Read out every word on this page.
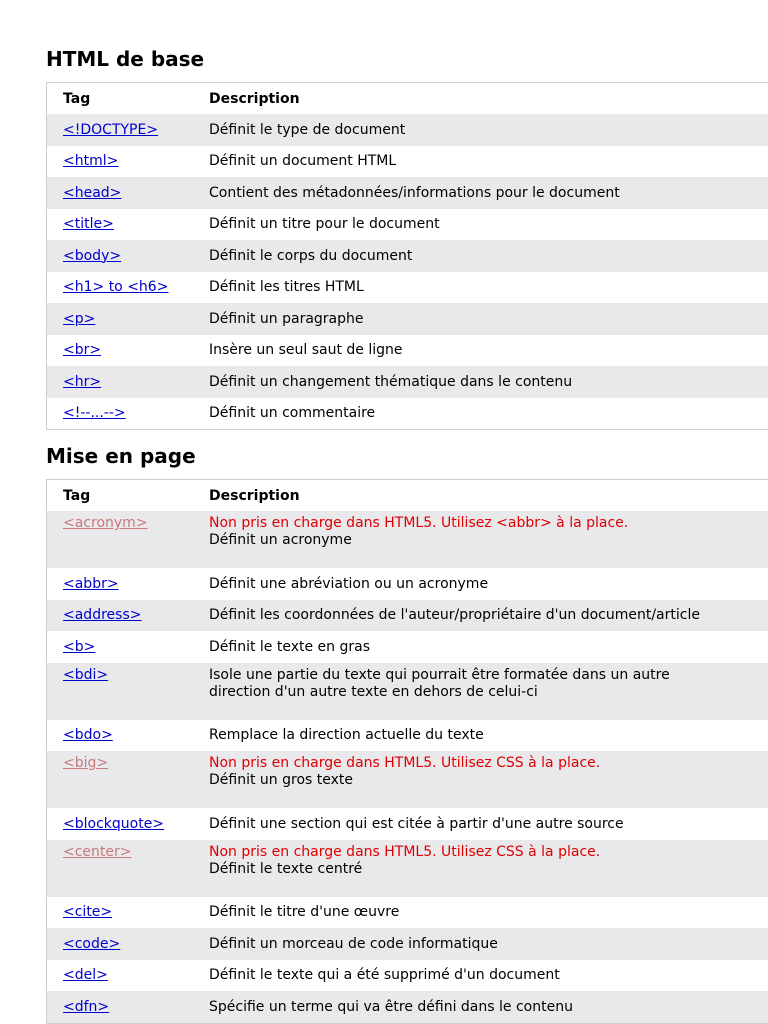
HTML de base
Tag	Description
<!DOCTYPE>	Définit le type de document
<html>	Définit un document HTML
<head>	Contient des métadonnées/informations pour le document
<title>	Définit un titre pour le document
<body>	Définit le corps du document
<h1> to <h6>	Définit les titres HTML
<p>	Définit un paragraphe
<br>	Insère un seul saut de ligne
<hr>	Définit un changement thématique dans le contenu
<!--...-->	Définit un commentaire
Mise en page
Tag	Description
<acronym>	Non pris en charge dans HTML5. Utilisez <abbr> à la place.
Définit un acronyme

<abbr>	Définit une abréviation ou un acronyme
<address>	Définit les coordonnées de l'auteur/propriétaire d'un document/article
<b>	Définit le texte en gras
<bdi>	Isole une partie du texte qui pourrait être formatée dans un autre
direction d'un autre texte en dehors de celui-ci

<bdo>	Remplace la direction actuelle du texte
<big>	Non pris en charge dans HTML5. Utilisez CSS à la place.
Définit un gros texte

<blockquote>	Définit une section qui est citée à partir d'une autre source
<center>	Non pris en charge dans HTML5. Utilisez CSS à la place.
Définit le texte centré

<cite>	Définit le titre d'une œuvre
<code>	Définit un morceau de code informatique
<del>	Définit le texte qui a été supprimé d'un document
<dfn>	Spécifie un terme qui va être défini dans le contenu
